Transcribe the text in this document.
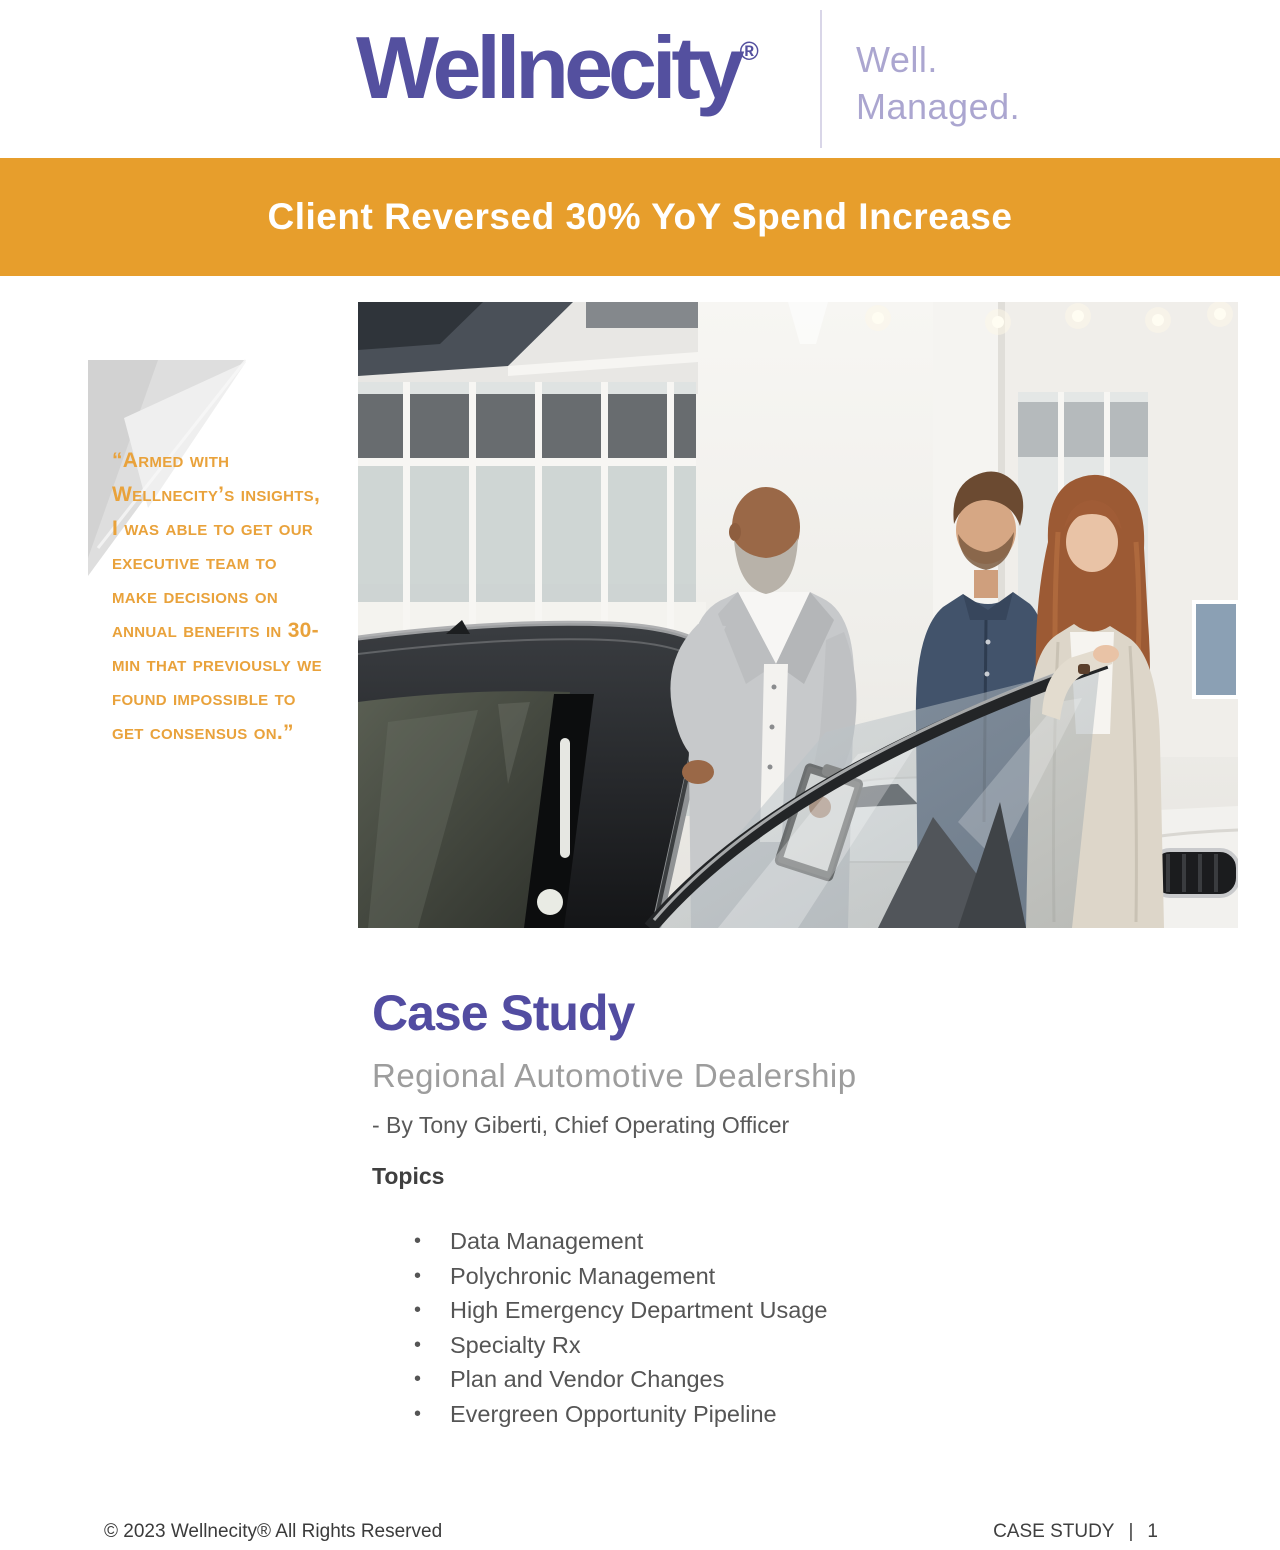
Wellnecity®	Well.
Managed.
Client Reversed 30% YoY Spend Increase
“Armed with Wellnecity’s insights, I was able to get our executive team to make decisions on annual benefits in 30-min that previously we found impossible to get consensus on.”
Case Study
Regional Automotive Dealership
- By Tony Giberti, Chief Operating Officer
Topics
• Data Management
• Polychronic Management
• High Emergency Department Usage
• Specialty Rx
• Plan and Vendor Changes
• Evergreen Opportunity Pipeline
© 2023 Wellnecity® All Rights Reserved	CASE STUDY | 1
